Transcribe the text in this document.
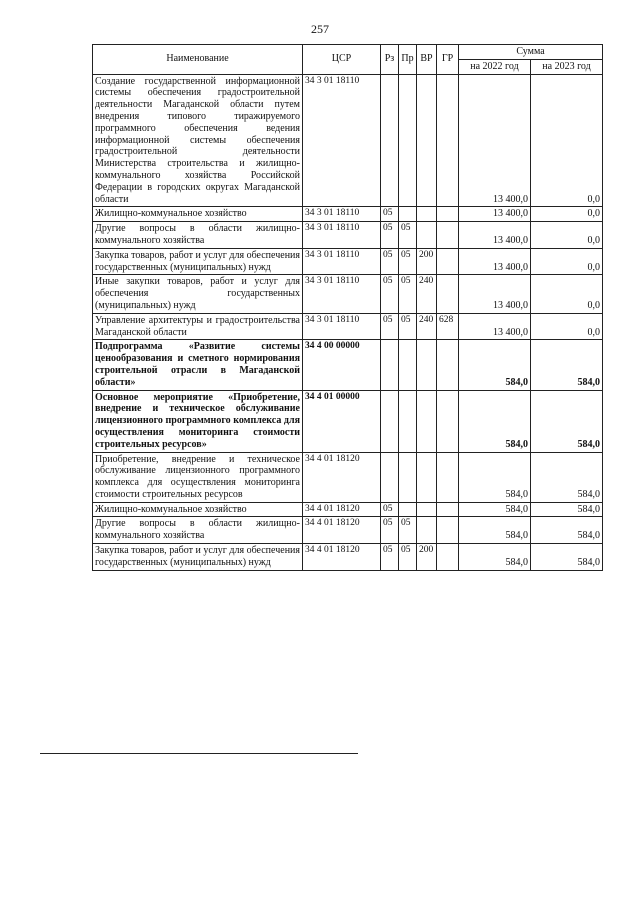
257
Наименование	ЦСР	Рз	Пр	ВР	ГР	Сумма	
						на 2022 год	на 2023 год
Создание государственной информационной системы обеспечения градостроительной деятельности Магаданской области путем внедрения типового тиражируемого программного обеспечения ведения информационной системы обеспечения градостроительной деятельности Министерства строительства и жилищно-коммунального хозяйства Российской Федерации в городских округах Магаданской области	34 3 01 18110					13 400,0	0,0
Жилищно-коммунальное хозяйство	34 3 01 18110	05				13 400,0	0,0
Другие вопросы в области жилищно-коммунального хозяйства	34 3 01 18110	05	05			13 400,0	0,0
Закупка товаров, работ и услуг для обеспечения государственных (муниципальных) нужд	34 3 01 18110	05	05	200		13 400,0	0,0
Иные закупки товаров, работ и услуг для обеспечения государственных (муниципальных) нужд	34 3 01 18110	05	05	240		13 400,0	0,0
Управление архитектуры и градостроительства Магаданской области	34 3 01 18110	05	05	240	628	13 400,0	0,0
Подпрограмма «Развитие системы ценообразования и сметного нормирования строительной отрасли в Магаданской области»	34 4 00 00000					584,0	584,0
Основное мероприятие «Приобретение, внедрение и техническое обслуживание лицензионного программного комплекса для осуществления мониторинга стоимости строительных ресурсов»	34 4 01 00000					584,0	584,0
Приобретение, внедрение и техническое обслуживание лицензионного программного комплекса для осуществления мониторинга стоимости строительных ресурсов	34 4 01 18120					584,0	584,0
Жилищно-коммунальное хозяйство	34 4 01 18120	05				584,0	584,0
Другие вопросы в области жилищно-коммунального хозяйства	34 4 01 18120	05	05			584,0	584,0
Закупка товаров, работ и услуг для обеспечения государственных (муниципальных) нужд	34 4 01 18120	05	05	200		584,0	584,0
